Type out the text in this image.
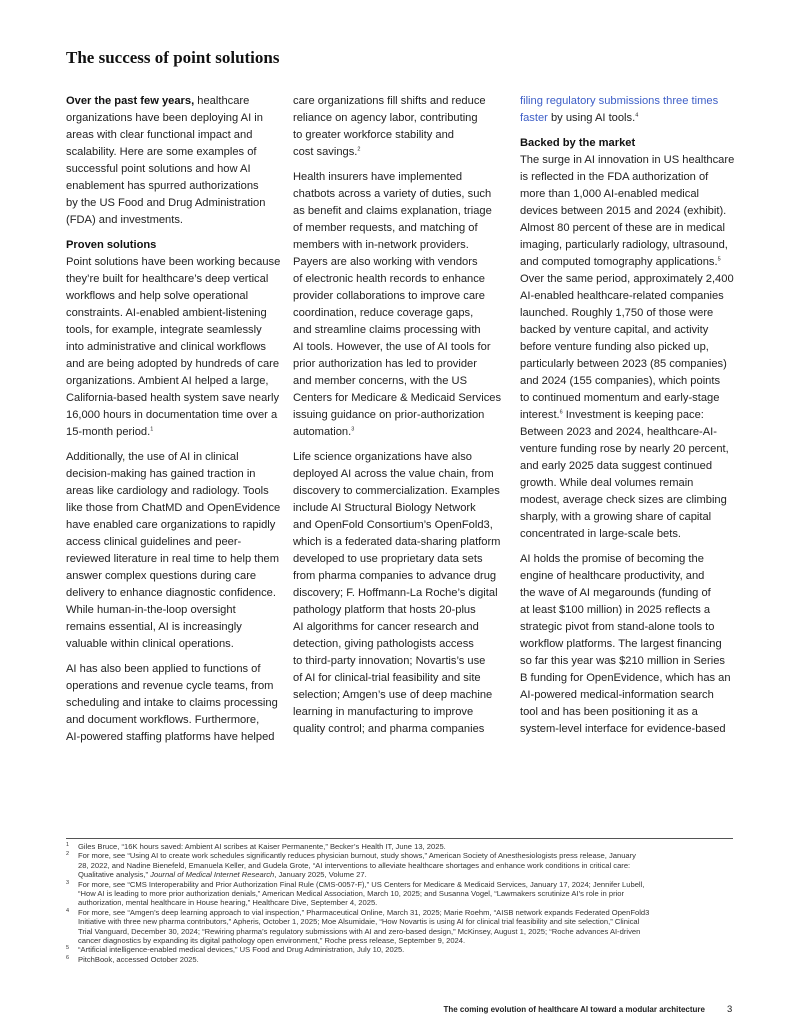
The success of point solutions

Over the past few years, healthcare
organizations have been deploying AI in
areas with clear functional impact and
scalability. Here are some examples of
successful point solutions and how AI
enablement has spurred authorizations
by the US Food and Drug Administration
(FDA) and investments.

Proven solutions

Point solutions have been working because
they’re built for healthcare’s deep vertical
workflows and help solve operational
constraints. AI-enabled ambient-listening
tools, for example, integrate seamlessly
into administrative and clinical workflows
and are being adopted by hundreds of care
organizations. Ambient AI helped a large,
California-based health system save nearly
16,000 hours in documentation time over a
15-month period.$^1$

Additionally, the use of AI in clinical
decision-making has gained traction in
areas like cardiology and radiology. Tools
like those from ChatMD and OpenEvidence
have enabled care organizations to rapidly
access clinical guidelines and peer-
reviewed literature in real time to help them
answer complex questions during care
delivery to enhance diagnostic confidence.
While human-in-the-loop oversight
remains essential, AI is increasingly
valuable within clinical operations.

AI has also been applied to functions of
operations and revenue cycle teams, from
scheduling and intake to claims processing
and document workflows. Furthermore,
AI-powered staffing platforms have helped

care organizations fill shifts and reduce
reliance on agency labor, contributing
to greater workforce stability and
cost savings.$^2$

Health insurers have implemented
chatbots across a variety of duties, such
as benefit and claims explanation, triage
of member requests, and matching of
members with in-network providers.
Payers are also working with vendors
of electronic health records to enhance
provider collaborations to improve care
coordination, reduce coverage gaps,
and streamline claims processing with
AI tools. However, the use of AI tools for
prior authorization has led to provider
and member concerns, with the US
Centers for Medicare & Medicaid Services
issuing guidance on prior-authorization
automation.$^3$

Life science organizations have also
deployed AI across the value chain, from
discovery to commercialization. Examples
include AI Structural Biology Network
and OpenFold Consortium’s OpenFold3,
which is a federated data-sharing platform
developed to use proprietary data sets
from pharma companies to advance drug
discovery; F. Hoffmann-La Roche’s digital
pathology platform that hosts 20-plus
AI algorithms for cancer research and
detection, giving pathologists access
to third-party innovation; Novartis’s use
of AI for clinical-trial feasibility and site
selection; Amgen’s use of deep machine
learning in manufacturing to improve
quality control; and pharma companies

filing regulatory submissions three times
faster by using AI tools.$^4$

Backed by the market

The surge in AI innovation in US healthcare
is reflected in the FDA authorization of
more than 1,000 AI-enabled medical
devices between 2015 and 2024 (exhibit).
Almost 80 percent of these are in medical
imaging, particularly radiology, ultrasound,
and computed tomography applications.$^5$
Over the same period, approximately 2,400
AI-enabled healthcare-related companies
launched. Roughly 1,750 of those were
backed by venture capital, and activity
before venture funding also picked up,
particularly between 2023 (85 companies)
and 2024 (155 companies), which points
to continued momentum and early-stage
interest.$^6$ Investment is keeping pace:
Between 2023 and 2024, healthcare-AI-
venture funding rose by nearly 20 percent,
and early 2025 data suggest continued
growth. While deal volumes remain
modest, average check sizes are climbing
sharply, with a growing share of capital
concentrated in large-scale bets.

AI holds the promise of becoming the
engine of healthcare productivity, and
the wave of AI megarounds (funding of
at least $100 million) in 2025 reflects a
strategic pivot from stand-alone tools to
workflow platforms. The largest financing
so far this year was $210 million in Series
B funding for OpenEvidence, which has an
AI-powered medical-information search
tool and has been positioning it as a
system-level interface for evidence-based

1 Giles Bruce, “16K hours saved: Ambient AI scribes at Kaiser Permanente,” Becker’s Health IT, June 13, 2025.
2 For more, see “Using AI to create work schedules significantly reduces physician burnout, study shows,” American Society of Anesthesiologists press release, January
28, 2022, and Nadine Bienefeld, Emanuela Keller, and Gudela Grote, “AI interventions to alleviate healthcare shortages and enhance work conditions in critical care:
Qualitative analysis,” Journal of Medical Internet Research, January 2025, Volume 27.
3 For more, see “CMS Interoperability and Prior Authorization Final Rule (CMS-0057-F),” US Centers for Medicare & Medicaid Services, January 17, 2024; Jennifer Lubell,
“How AI is leading to more prior authorization denials,” American Medical Association, March 10, 2025; and Susanna Vogel, “Lawmakers scrutinize AI’s role in prior
authorization, mental healthcare in House hearing,” Healthcare Dive, September 4, 2025.
4 For more, see “Amgen’s deep learning approach to vial inspection,” Pharmaceutical Online, March 31, 2025; Marie Roehm, “AISB network expands Federated OpenFold3
Initiative with three new pharma contributors,” Apheris, October 1, 2025; Moe Alsumidaie, “How Novartis is using AI for clinical trial feasibility and site selection,” Clinical
Trial Vanguard, December 30, 2024; “Rewiring pharma’s regulatory submissions with AI and zero-based design,” McKinsey, August 1, 2025; “Roche advances AI-driven
cancer diagnostics by expanding its digital pathology open environment,” Roche press release, September 9, 2024.
5 “Artificial intelligence-enabled medical devices,” US Food and Drug Administration, July 10, 2025.
6 PitchBook, accessed October 2025.
The coming evolution of healthcare AI toward a modular architecture 3
